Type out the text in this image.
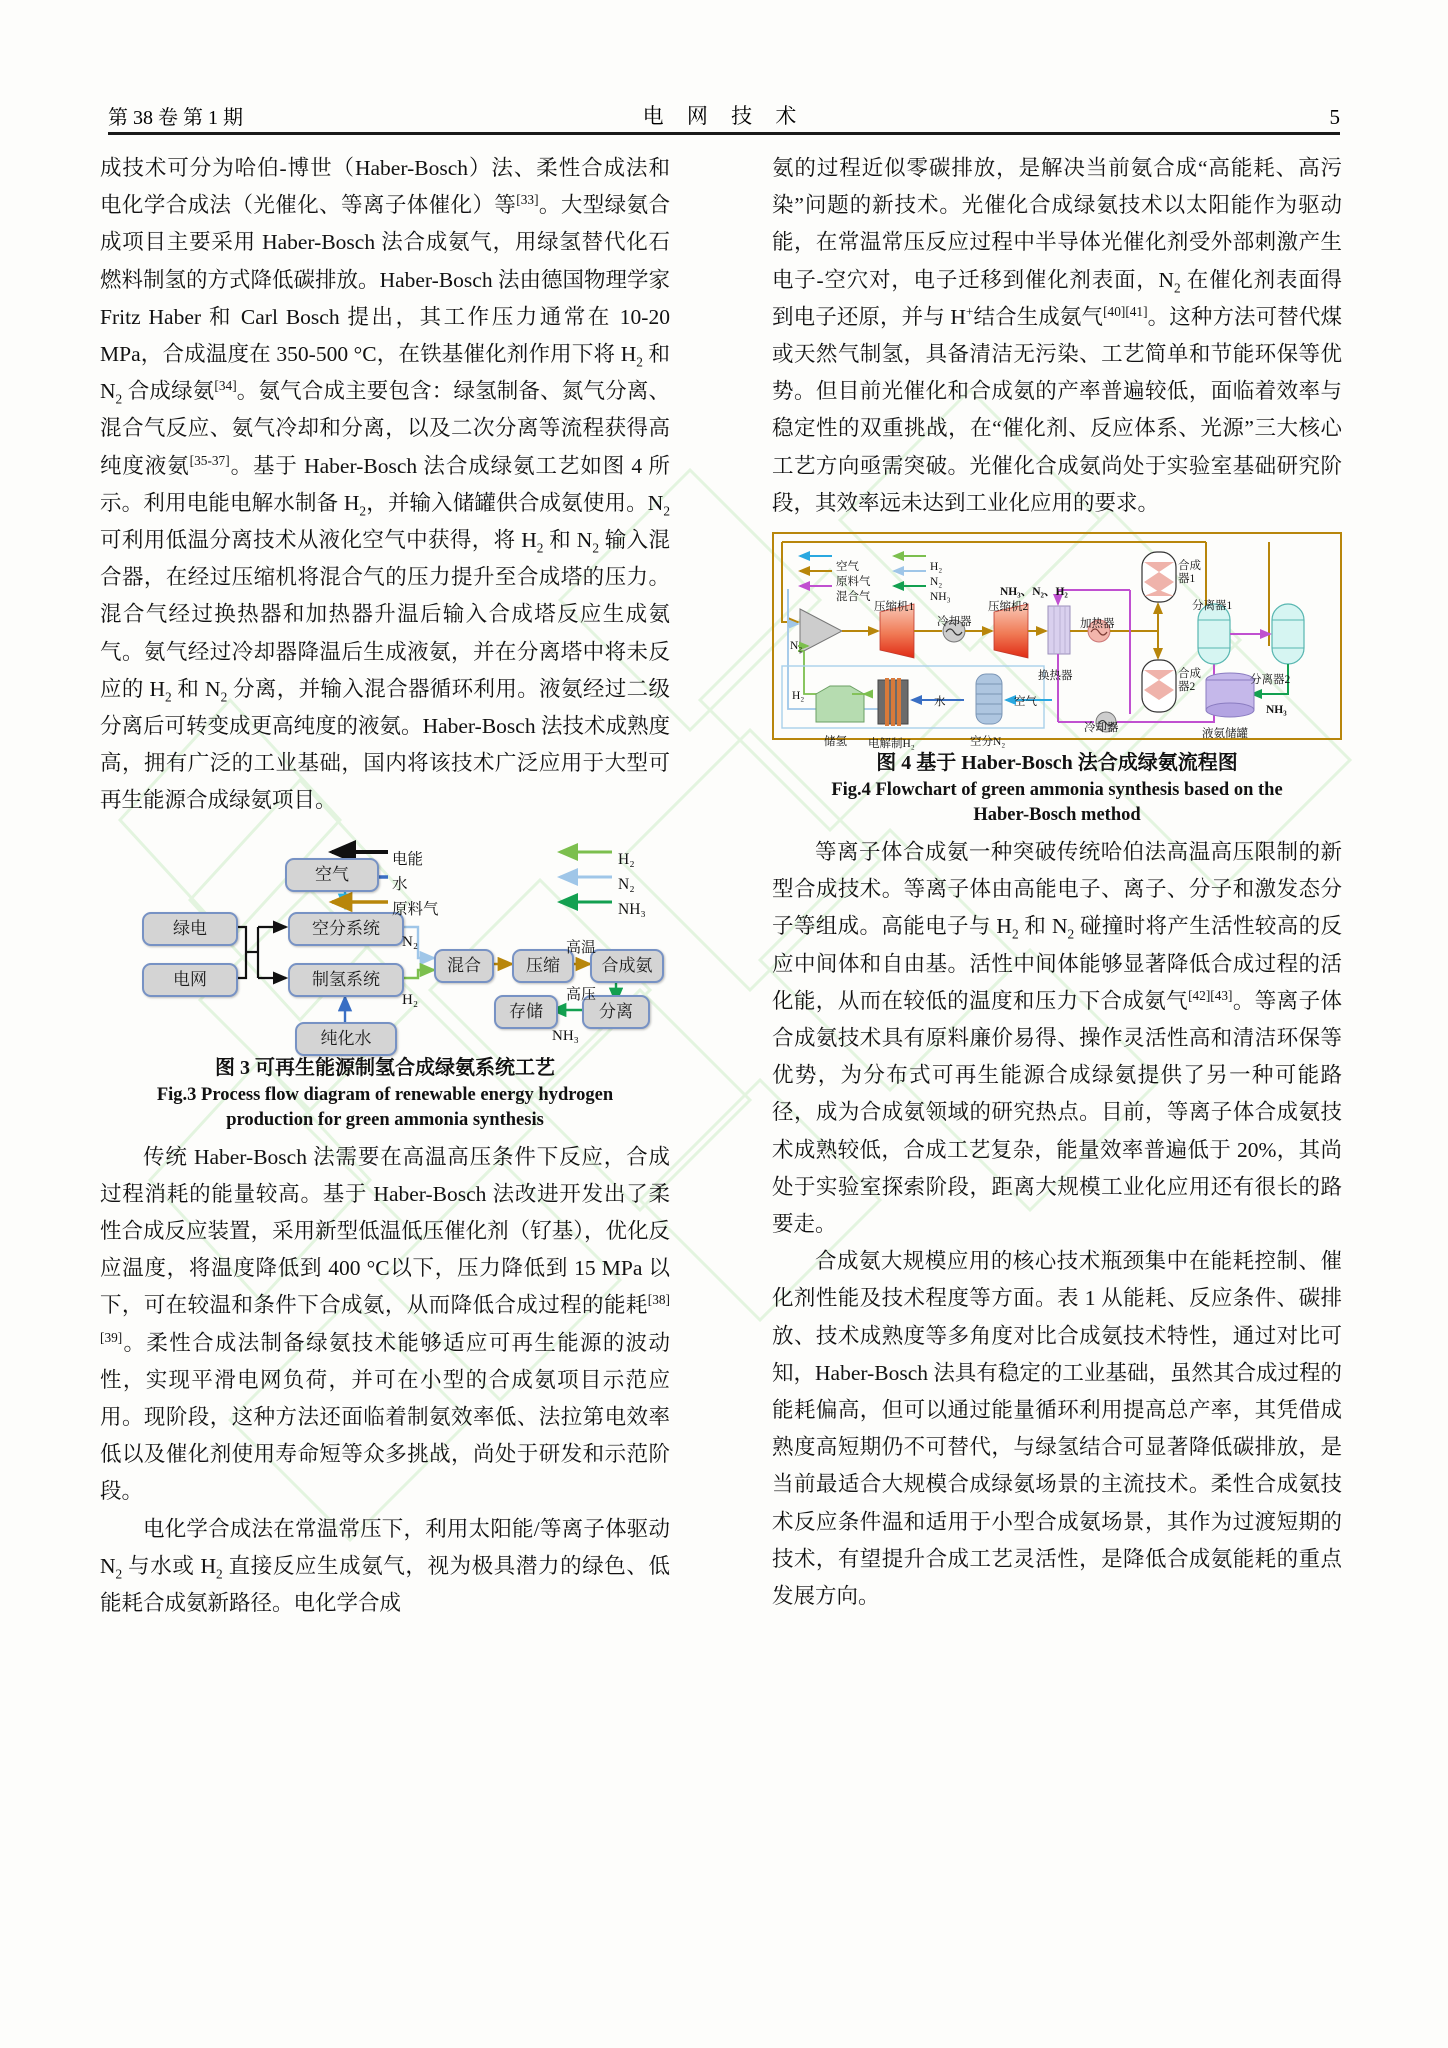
第 38 卷 第 1 期	电 网 技 术	5

成技术可分为哈伯-博世（Haber-Bosch）法、柔性合成法和电化学合成法（光催化、等离子体催化）等[33]。大型绿氨合成项目主要采用 Haber-Bosch 法合成氨气，用绿氢替代化石燃料制氢的方式降低碳排放。Haber-Bosch 法由德国物理学家 Fritz Haber 和 Carl Bosch 提出，其工作压力通常在 10-20 MPa，合成温度在 350-500 °C，在铁基催化剂作用下将 $H_2$ 和 $N_2$ 合成绿氨[34]。氨气合成主要包含：绿氢制备、氮气分离、混合气反应、氨气冷却和分离，以及二次分离等流程获得高纯度液氨[35-37]。基于 Haber-Bosch 法合成绿氨工艺如图 4 所示。利用电能电解水制备 $H_2$，并输入储罐供合成氨使用。$N_2$ 可利用低温分离技术从液化空气中获得，将 $H_2$ 和 $N_2$ 输入混合器，在经过压缩机将混合气的压力提升至合成塔的压力。混合气经过换热器和加热器升温后输入合成塔反应生成氨气。氨气经过冷却器降温后生成液氨，并在分离塔中将未反应的 $H_2$ 和 $N_2$ 分离，并输入混合器循环利用。液氨经过二级分离后可转变成更高纯度的液氨。Haber-Bosch 法技术成熟度高，拥有广泛的工业基础，国内将该技术广泛应用于大型可再生能源合成绿氨项目。

空气
绿电
电网
空分系统
制氢系统
纯化水
混合	压缩	合成氨
分离
存储
N₂
H₂
高温
高压
NH₃
电能
水
原料气
H₂
N₂
NH₃
图 3 可再生能源制氢合成绿氨系统工艺
Fig.3 Process flow diagram of renewable energy hydrogen
production for green ammonia synthesis

传统 Haber-Bosch 法需要在高温高压条件下反应，合成过程消耗的能量较高。基于 Haber-Bosch 法改进开发出了柔性合成反应装置，采用新型低温低压催化剂（钌基），优化反应温度，将温度降低到 400 °C以下，压力降低到 15 MPa 以下，可在较温和条件下合成氨，从而降低合成过程的能耗[38][39]。柔性合成法制备绿氨技术能够适应可再生能源的波动性，实现平滑电网负荷，并可在小型的合成氨项目示范应用。现阶段，这种方法还面临着制氨效率低、法拉第电效率低以及催化剂使用寿命短等众多挑战，尚处于研发和示范阶段。

电化学合成法在常温常压下，利用太阳能/等离子体驱动 $N_2$ 与水或 $H_2$ 直接反应生成氨气，视为极具潜力的绿色、低能耗合成氨新路径。电化学合成

氨的过程近似零碳排放，是解决当前氨合成“高能耗、高污染”问题的新技术。光催化合成绿氨技术以太阳能作为驱动能，在常温常压反应过程中半导体光催化剂受外部刺激产生电子-空穴对，电子迁移到催化剂表面，$N_2$ 在催化剂表面得到电子还原，并与 H+结合生成氨气[40][41]。这种方法可替代煤或天然气制氢，具备清洁无污染、工艺简单和节能环保等优势。但目前光催化和合成氨的产率普遍较低，面临着效率与稳定性的双重挑战，在“催化剂、反应体系、光源”三大核心工艺方向亟需突破。光催化合成氨尚处于实验室基础研究阶段，其效率远未达到工业化应用的要求。

空气
原料气
混合气
H₂
N₂
NH₃
压缩机1
冷却器
压缩机2
换热器
加热器
合成
器1
合成
器2
分离器1
分离器2
液氨储罐
储氢 电解制H₂	空分N₂
冷却器
N₂
H₂	水	空气
NH₃、N₂、H₂
NH₃
图 4 基于 Haber-Bosch 法合成绿氨流程图
Fig.4 Flowchart of green ammonia synthesis based on the
Haber-Bosch method

等离子体合成氨一种突破传统哈伯法高温高压限制的新型合成技术。等离子体由高能电子、离子、分子和激发态分子等组成。高能电子与 $H_2$ 和 $N_2$ 碰撞时将产生活性较高的反应中间体和自由基。活性中间体能够显著降低合成过程的活化能，从而在较低的温度和压力下合成氨气[42][43]。等离子体合成氨技术具有原料廉价易得、操作灵活性高和清洁环保等优势，为分布式可再生能源合成绿氨提供了另一种可能路径，成为合成氨领域的研究热点。目前，等离子体合成氨技术成熟较低，合成工艺复杂，能量效率普遍低于 20%，其尚处于实验室探索阶段，距离大规模工业化应用还有很长的路要走。

合成氨大规模应用的核心技术瓶颈集中在能耗控制、催化剂性能及技术程度等方面。表 1 从能耗、反应条件、碳排放、技术成熟度等多角度对比合成氨技术特性，通过对比可知，Haber-Bosch 法具有稳定的工业基础，虽然其合成过程的能耗偏高，但可以通过能量循环利用提高总产率，其凭借成熟度高短期仍不可替代，与绿氢结合可显著降低碳排放，是当前最适合大规模合成绿氨场景的主流技术。柔性合成氨技术反应条件温和适用于小型合成氨场景，其作为过渡短期的技术，有望提升合成工艺灵活性，是降低合成氨能耗的重点发展方向。
